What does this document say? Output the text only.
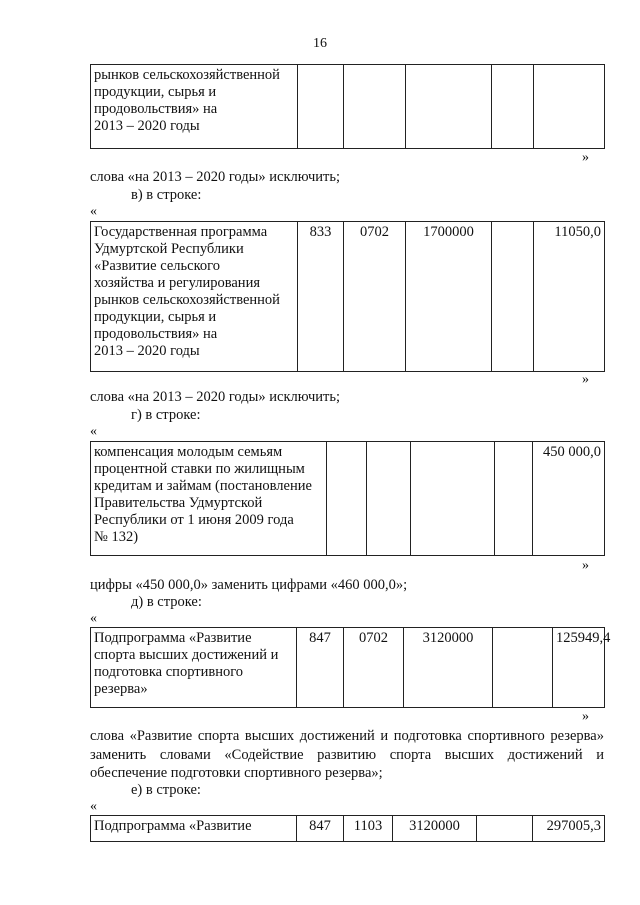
16
рынков сельскохозяйственной
продукции, сырья и
продовольствия» на
2013 – 2020 годы					
»
слова «на 2013 – 2020 годы» исключить;
в) в строке:
«
Государственная программа
Удмуртской Республики
«Развитие сельского
хозяйства и регулирования
рынков сельскохозяйственной
продукции, сырья и
продовольствия» на
2013 – 2020 годы	833	0702	1700000		11050,0
»
слова «на 2013 – 2020 годы» исключить;
г) в строке:
«
компенсация молодым семьям
процентной ставки по жилищным
кредитам и займам (постановление
Правительства Удмуртской
Республики от 1 июня 2009 года
№ 132)					450 000,0
»
цифры «450 000,0» заменить цифрами «460 000,0»;
д) в строке:
«
Подпрограмма «Развитие
спорта высших достижений и
подготовка спортивного
резерва»	847	0702	3120000		125949,4
»
слова «Развитие спорта высших достижений и подготовка спортивного резерва» заменить словами «Содействие развитию спорта высших достижений и обеспечение подготовки спортивного резерва»;
е) в строке:
«
Подпрограмма «Развитие	847	1103	3120000		297005,3
